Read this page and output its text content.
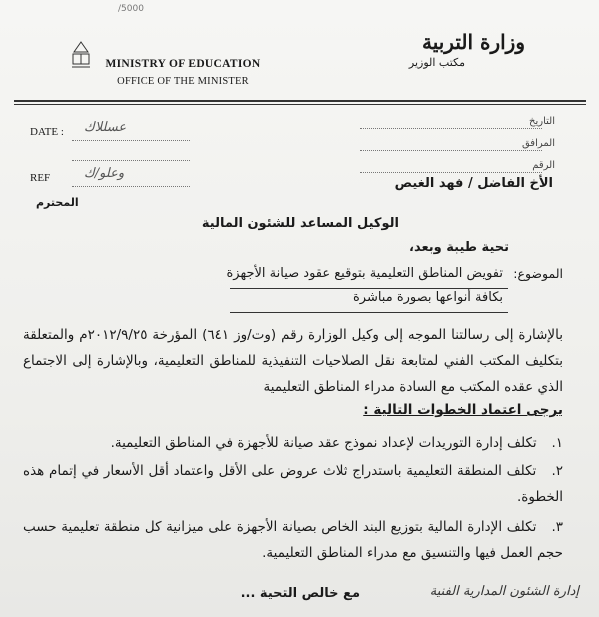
/5000
MINISTRY OF EDUCATION
OFFICE OF THE MINISTER
وزارة التربية
مكتب الوزير
DATE : عسللاك
REF	وعلو/ك
التاريخ
المرافق
الرقم
الأخ الفاضل / فهد الغيص
المحترم
الوكيل المساعد للشئون المالية
تحية طيبة وبعد،
الموضوع:
تفويض المناطق التعليمية بتوقيع عقود صيانة الأجهزة
بكافة أنواعها بصورة مباشرة
بالإشارة إلى رسالتنا الموجه إلى وكيل الوزارة رقم (وت/وز ٦٤١) المؤرخة ٢٠١٢/٩/٢٥م والمتعلقة بتكليف المكتب الفني لمتابعة نقل الصلاحيات التنفيذية للمناطق التعليمية، وبالإشارة إلى الاجتماع الذي عقده المكتب مع السادة مدراء المناطق التعليمية
يرجى اعتماد الخطوات التالية :
١. تكلف إدارة التوريدات لإعداد نموذج عقد صيانة للأجهزة في المناطق التعليمية.
٢. تكلف المنطقة التعليمية باستدراج ثلاث عروض على الأقل واعتماد أقل الأسعار في إتمام هذه الخطوة.
٣. تكلف الإدارة المالية بتوزيع البند الخاص بصيانة الأجهزة على ميزانية كل منطقة تعليمية حسب حجم العمل فيها والتنسيق مع مدراء المناطق التعليمية.
مع خالص التحية ...	إدارة الشئون المدارية الفنية
